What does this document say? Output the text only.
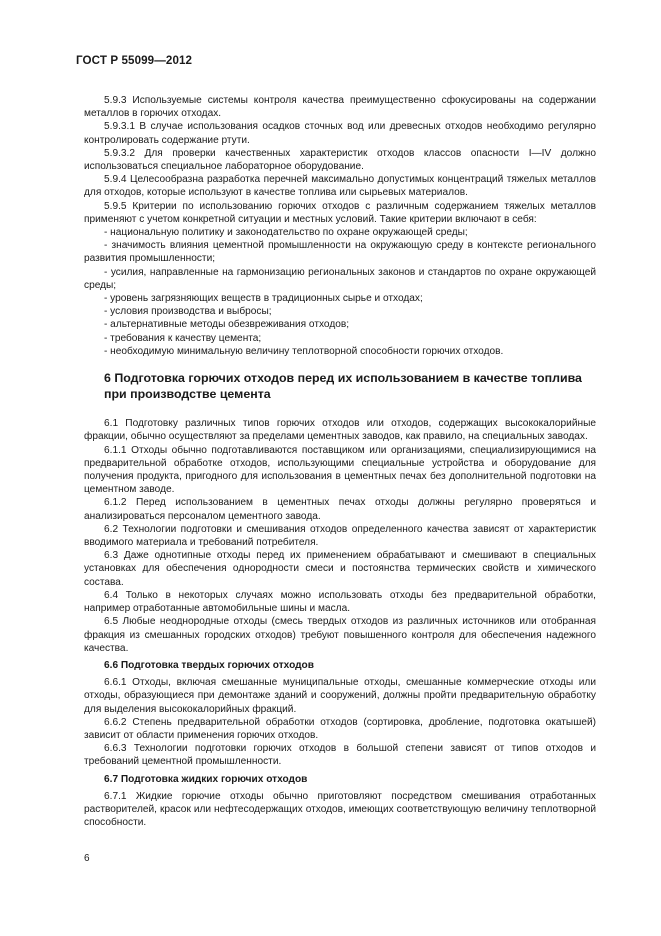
ГОСТ Р 55099—2012

5.9.3 Используемые системы контроля качества преимущественно сфокусированы на содержании металлов в горючих отходах.

5.9.3.1 В случае использования осадков сточных вод или древесных отходов необходимо регулярно контролировать содержание ртути.

5.9.3.2 Для проверки качественных характеристик отходов классов опасности I—IV должно использоваться специальное лабораторное оборудование.

5.9.4 Целесообразна разработка перечней максимально допустимых концентраций тяжелых металлов для отходов, которые используют в качестве топлива или сырьевых материалов.

5.9.5 Критерии по использованию горючих отходов с различным содержанием тяжелых металлов применяют с учетом конкретной ситуации и местных условий. Такие критерии включают в себя:

- национальную политику и законодательство по охране окружающей среды;

- значимость влияния цементной промышленности на окружающую среду в контексте регионального развития промышленности;

- усилия, направленные на гармонизацию региональных законов и стандартов по охране окружающей среды;

- уровень загрязняющих веществ в традиционных сырье и отходах;

- условия производства и выбросы;

- альтернативные методы обезвреживания отходов;

- требования к качеству цемента;

- необходимую минимальную величину теплотворной способности горючих отходов.

6 Подготовка горючих отходов перед их использованием в качестве топлива при производстве цемента

6.1 Подготовку различных типов горючих отходов или отходов, содержащих высококалорийные фракции, обычно осуществляют за пределами цементных заводов, как правило, на специальных заводах.

6.1.1 Отходы обычно подготавливаются поставщиком или организациями, специализирующимися на предварительной обработке отходов, использующими специальные устройства и оборудование для получения продукта, пригодного для использования в цементных печах без дополнительной подготовки на цементном заводе.

6.1.2 Перед использованием в цементных печах отходы должны регулярно проверяться и анализироваться персоналом цементного завода.

6.2 Технологии подготовки и смешивания отходов определенного качества зависят от характеристик вводимого материала и требований потребителя.

6.3 Даже однотипные отходы перед их применением обрабатывают и смешивают в специальных установках для обеспечения однородности смеси и постоянства термических свойств и химического состава.

6.4 Только в некоторых случаях можно использовать отходы без предварительной обработки, например отработанные автомобильные шины и масла.

6.5 Любые неоднородные отходы (смесь твердых отходов из различных источников или отобранная фракция из смешанных городских отходов) требуют повышенного контроля для обеспечения надежного качества.

6.6 Подготовка твердых горючих отходов

6.6.1 Отходы, включая смешанные муниципальные отходы, смешанные коммерческие отходы или отходы, образующиеся при демонтаже зданий и сооружений, должны пройти предварительную обработку для выделения высококалорийных фракций.

6.6.2 Степень предварительной обработки отходов (сортировка, дробление, подготовка окатышей) зависит от области применения горючих отходов.

6.6.3 Технологии подготовки горючих отходов в большой степени зависят от типов отходов и требований цементной промышленности.

6.7 Подготовка жидких горючих отходов

6.7.1 Жидкие горючие отходы обычно приготовляют посредством смешивания отработанных растворителей, красок или нефтесодержащих отходов, имеющих соответствующую величину теплотворной способности.

6
